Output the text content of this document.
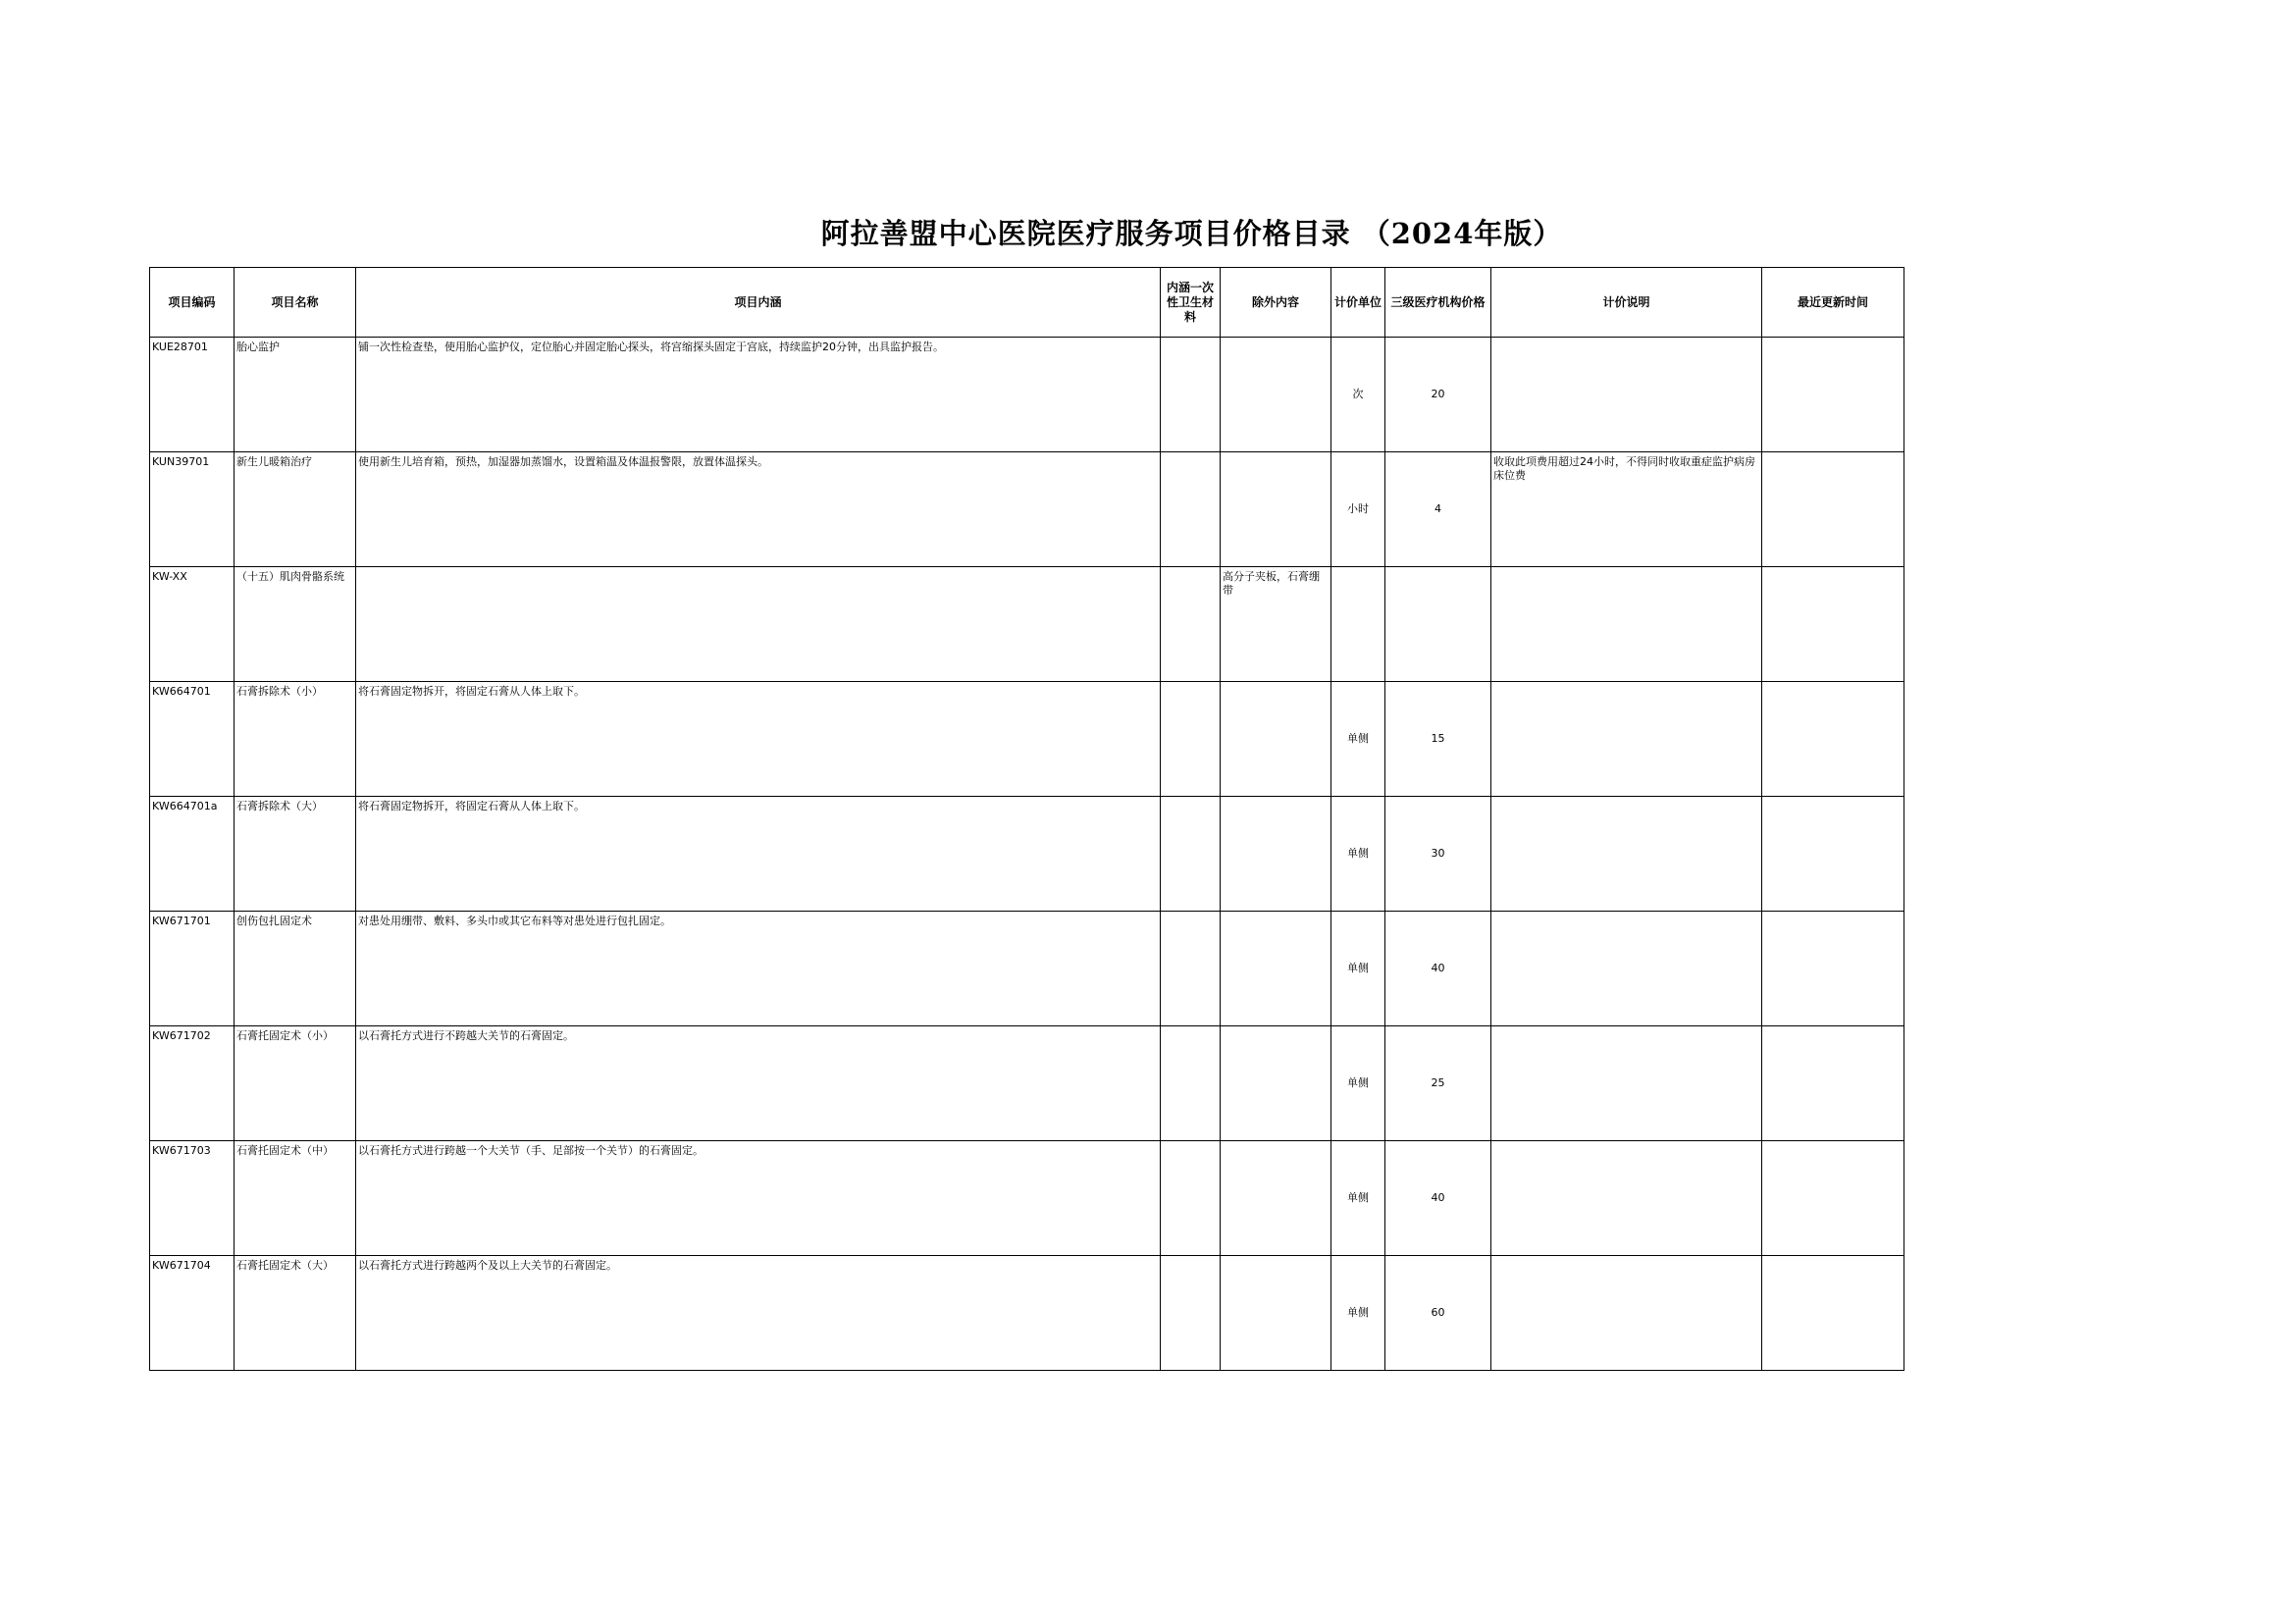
阿拉善盟中心医院医疗服务项目价格目录 （2024年版）
项目编码	项目名称	项目内涵	内涵一次性卫生材料	除外内容	计价单位	三级医疗机构价格	计价说明	最近更新时间

KUE28701	胎心监护	铺一次性检查垫，使用胎心监护仪，定位胎心并固定胎心探头，将宫缩探头固定于宫底，持续监护20分钟，出具监护报告。			次	20		
KUN39701	新生儿暖箱治疗	使用新生儿培育箱，预热，加湿器加蒸馏水，设置箱温及体温报警限，放置体温探头。			小时	4	收取此项费用超过24小时，不得同时收取重症监护病房床位费	
KW-XX	（十五）肌肉骨骼系统			高分子夹板，石膏绷带				
KW664701	石膏拆除术（小）	将石膏固定物拆开，将固定石膏从人体上取下。			单侧	15		
KW664701a	石膏拆除术（大）	将石膏固定物拆开，将固定石膏从人体上取下。			单侧	30		
KW671701	创伤包扎固定术	对患处用绷带、敷料、多头巾或其它布料等对患处进行包扎固定。			单侧	40		
KW671702	石膏托固定术（小）	以石膏托方式进行不跨越大关节的石膏固定。			单侧	25		
KW671703	石膏托固定术（中）	以石膏托方式进行跨越一个大关节（手、足部按一个关节）的石膏固定。			单侧	40		
KW671704	石膏托固定术（大）	以石膏托方式进行跨越两个及以上大关节的石膏固定。			单侧	60		
